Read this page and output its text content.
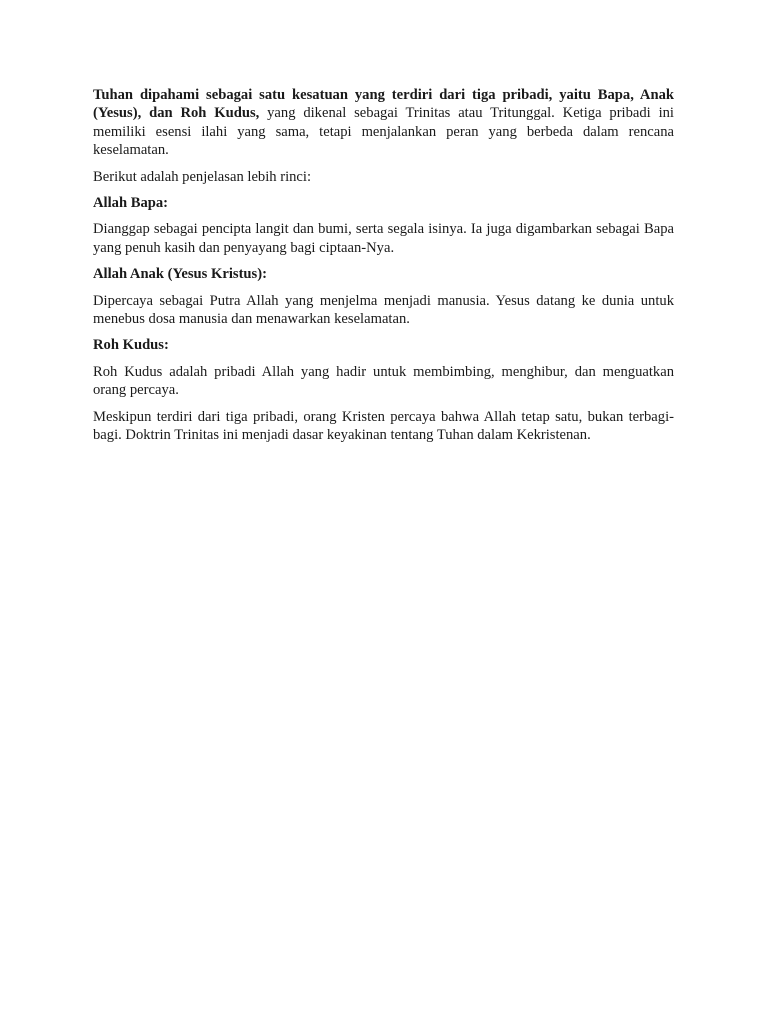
Tuhan dipahami sebagai satu kesatuan yang terdiri dari tiga pribadi, yaitu Bapa, Anak (Yesus), dan Roh Kudus, yang dikenal sebagai Trinitas atau Tritunggal. Ketiga pribadi ini memiliki esensi ilahi yang sama, tetapi menjalankan peran yang berbeda dalam rencana keselamatan.

Berikut adalah penjelasan lebih rinci:

Allah Bapa:

Dianggap sebagai pencipta langit dan bumi, serta segala isinya. Ia juga digambarkan sebagai Bapa yang penuh kasih dan penyayang bagi ciptaan-Nya.

Allah Anak (Yesus Kristus):

Dipercaya sebagai Putra Allah yang menjelma menjadi manusia. Yesus datang ke dunia untuk menebus dosa manusia dan menawarkan keselamatan.

Roh Kudus:

Roh Kudus adalah pribadi Allah yang hadir untuk membimbing, menghibur, dan menguatkan orang percaya.

Meskipun terdiri dari tiga pribadi, orang Kristen percaya bahwa Allah tetap satu, bukan terbagi-bagi. Doktrin Trinitas ini menjadi dasar keyakinan tentang Tuhan dalam Kekristenan.
